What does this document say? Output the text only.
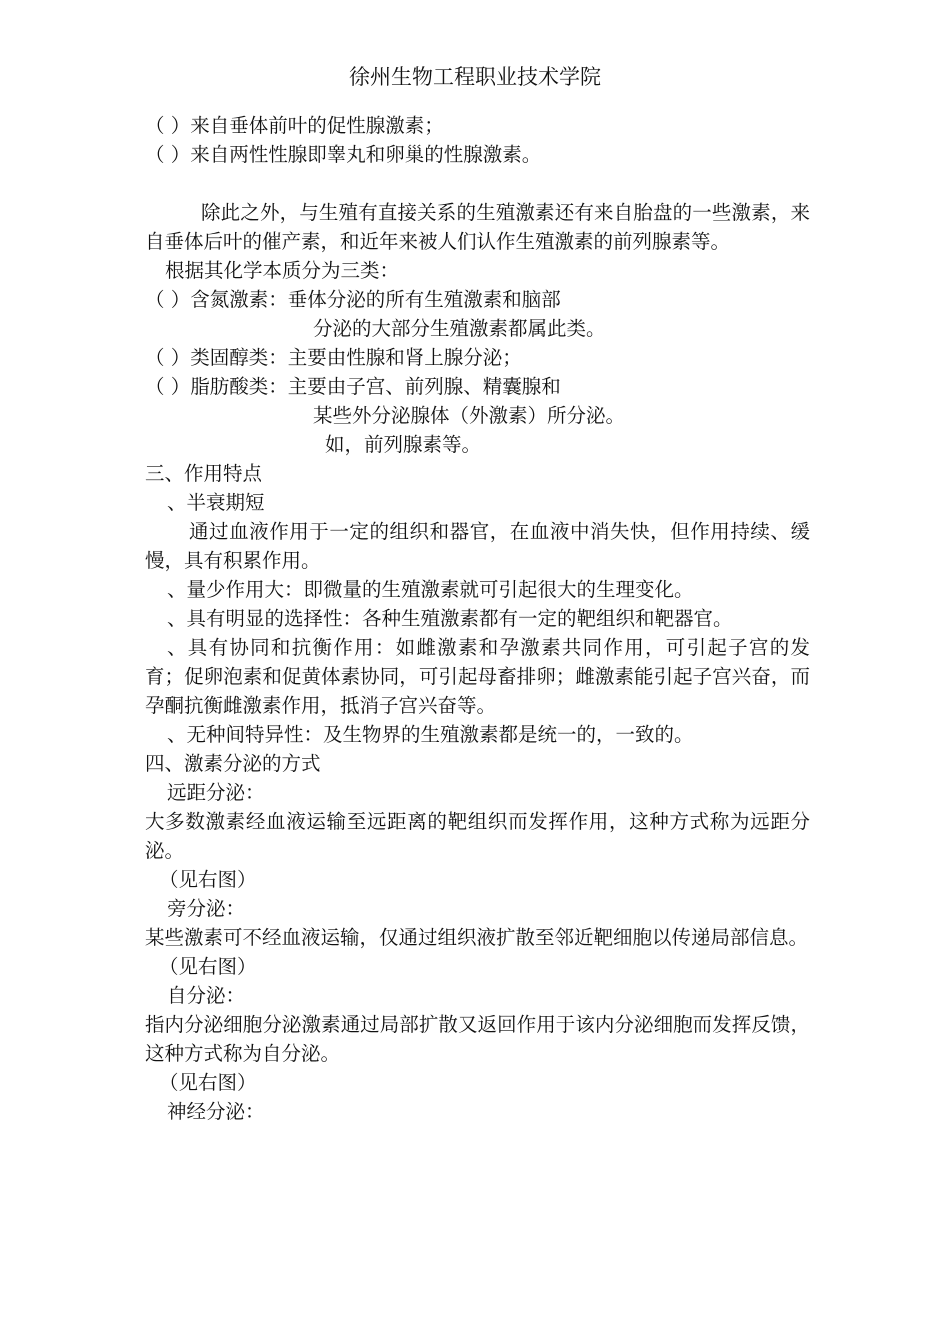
徐州生物工程职业技术学院
（ ）来自垂体前叶的促性腺激素；
（ ）来自两性性腺即睾丸和卵巢的性腺激素。
除此之外，与生殖有直接关系的生殖激素还有来自胎盘的一些激素，来自垂体后叶的催产素，和近年来被人们认作生殖激素的前列腺素等。
根据其化学本质分为三类：
（ ）含氮激素：垂体分泌的所有生殖激素和脑部
分泌的大部分生殖激素都属此类。
（ ）类固醇类：主要由性腺和肾上腺分泌；
（ ）脂肪酸类：主要由子宫、前列腺、精囊腺和
某些外分泌腺体（外激素）所分泌。
如，前列腺素等。
三、作用特点
、半衰期短
通过血液作用于一定的组织和器官，在血液中消失快，但作用持续、缓慢，具有积累作用。
、量少作用大：即微量的生殖激素就可引起很大的生理变化。
、具有明显的选择性：各种生殖激素都有一定的靶组织和靶器官。
、具有协同和抗衡作用：如雌激素和孕激素共同作用，可引起子宫的发育；促卵泡素和促黄体素协同，可引起母畜排卵；雌激素能引起子宫兴奋，而孕酮抗衡雌激素作用，抵消子宫兴奋等。
、无种间特异性：及生物界的生殖激素都是统一的，一致的。
四、激素分泌的方式
远距分泌：
大多数激素经血液运输至远距离的靶组织而发挥作用，这种方式称为远距分泌。
（见右图）
旁分泌：
某些激素可不经血液运输，仅通过组织液扩散至邻近靶细胞以传递局部信息。
（见右图）
自分泌：
指内分泌细胞分泌激素通过局部扩散又返回作用于该内分泌细胞而发挥反馈，这种方式称为自分泌。
（见右图）
神经分泌：
